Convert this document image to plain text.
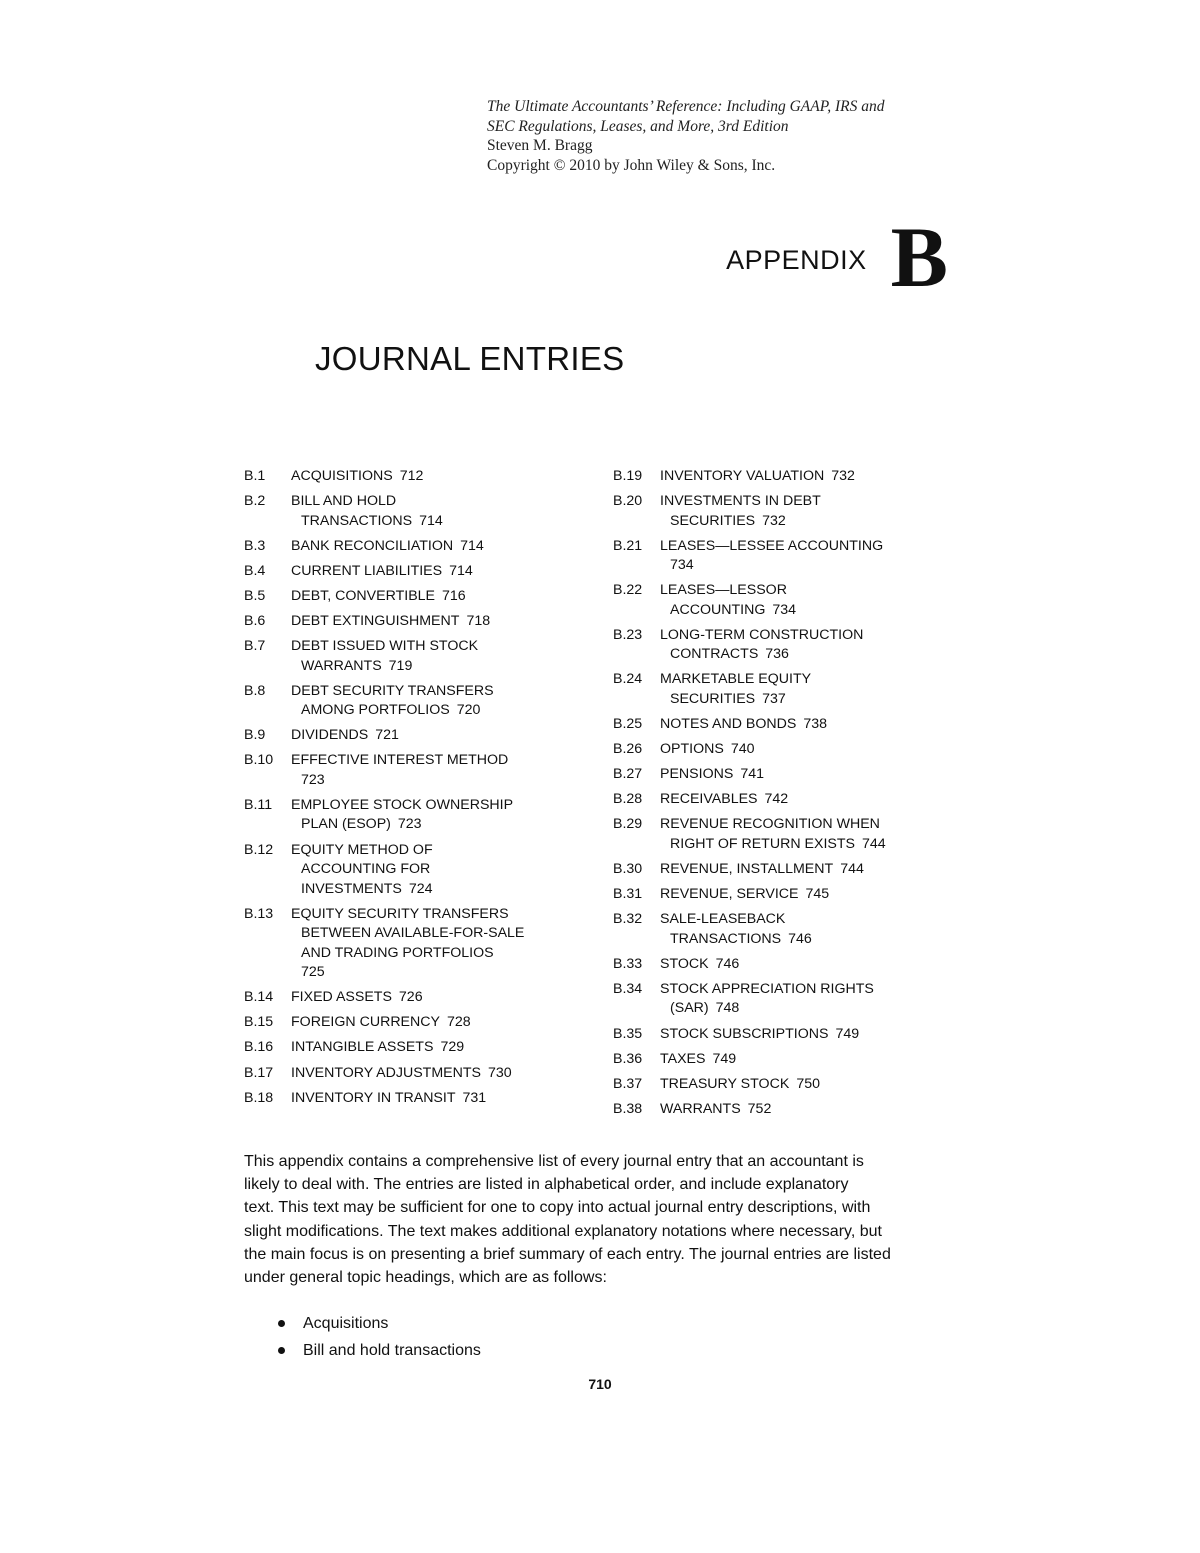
The Ultimate Accountants’ Reference: Including GAAP, IRS and
SEC Regulations, Leases, and More, 3rd Edition
Steven M. Bragg
Copyright © 2010 by John Wiley & Sons, Inc.
APPENDIX B
JOURNAL ENTRIES
B.1	ACQUISITIONS 712
B.2	BILL AND HOLD
TRANSACTIONS 714
B.3	BANK RECONCILIATION 714
B.4	CURRENT LIABILITIES 714
B.5	DEBT, CONVERTIBLE 716
B.6	DEBT EXTINGUISHMENT 718
B.7	DEBT ISSUED WITH STOCK
WARRANTS 719
B.8	DEBT SECURITY TRANSFERS
AMONG PORTFOLIOS 720
B.9	DIVIDENDS 721
B.10	EFFECTIVE INTEREST METHOD
723
B.11	EMPLOYEE STOCK OWNERSHIP
PLAN (ESOP) 723
B.12	EQUITY METHOD OF
ACCOUNTING FOR
INVESTMENTS 724
B.13	EQUITY SECURITY TRANSFERS
BETWEEN AVAILABLE-FOR-SALE
AND TRADING PORTFOLIOS
725
B.14	FIXED ASSETS 726
B.15	FOREIGN CURRENCY 728
B.16	INTANGIBLE ASSETS 729
B.17	INVENTORY ADJUSTMENTS 730
B.18	INVENTORY IN TRANSIT 731
B.19	INVENTORY VALUATION 732
B.20	INVESTMENTS IN DEBT
SECURITIES 732
B.21	LEASES—LESSEE ACCOUNTING
734
B.22	LEASES—LESSOR
ACCOUNTING 734
B.23	LONG-TERM CONSTRUCTION
CONTRACTS 736
B.24	MARKETABLE EQUITY
SECURITIES 737
B.25	NOTES AND BONDS 738
B.26	OPTIONS 740
B.27	PENSIONS 741
B.28	RECEIVABLES 742
B.29	REVENUE RECOGNITION WHEN
RIGHT OF RETURN EXISTS 744
B.30	REVENUE, INSTALLMENT 744
B.31	REVENUE, SERVICE 745
B.32	SALE-LEASEBACK
TRANSACTIONS 746
B.33	STOCK 746
B.34	STOCK APPRECIATION RIGHTS
(SAR) 748
B.35	STOCK SUBSCRIPTIONS 749
B.36	TAXES 749
B.37	TREASURY STOCK 750
B.38	WARRANTS 752
This appendix contains a comprehensive list of every journal entry that an accountant is
likely to deal with. The entries are listed in alphabetical order, and include explanatory
text. This text may be sufficient for one to copy into actual journal entry descriptions, with
slight modifications. The text makes additional explanatory notations where necessary, but
the main focus is on presenting a brief summary of each entry. The journal entries are listed
under general topic headings, which are as follows:
Acquisitions
Bill and hold transactions
710
